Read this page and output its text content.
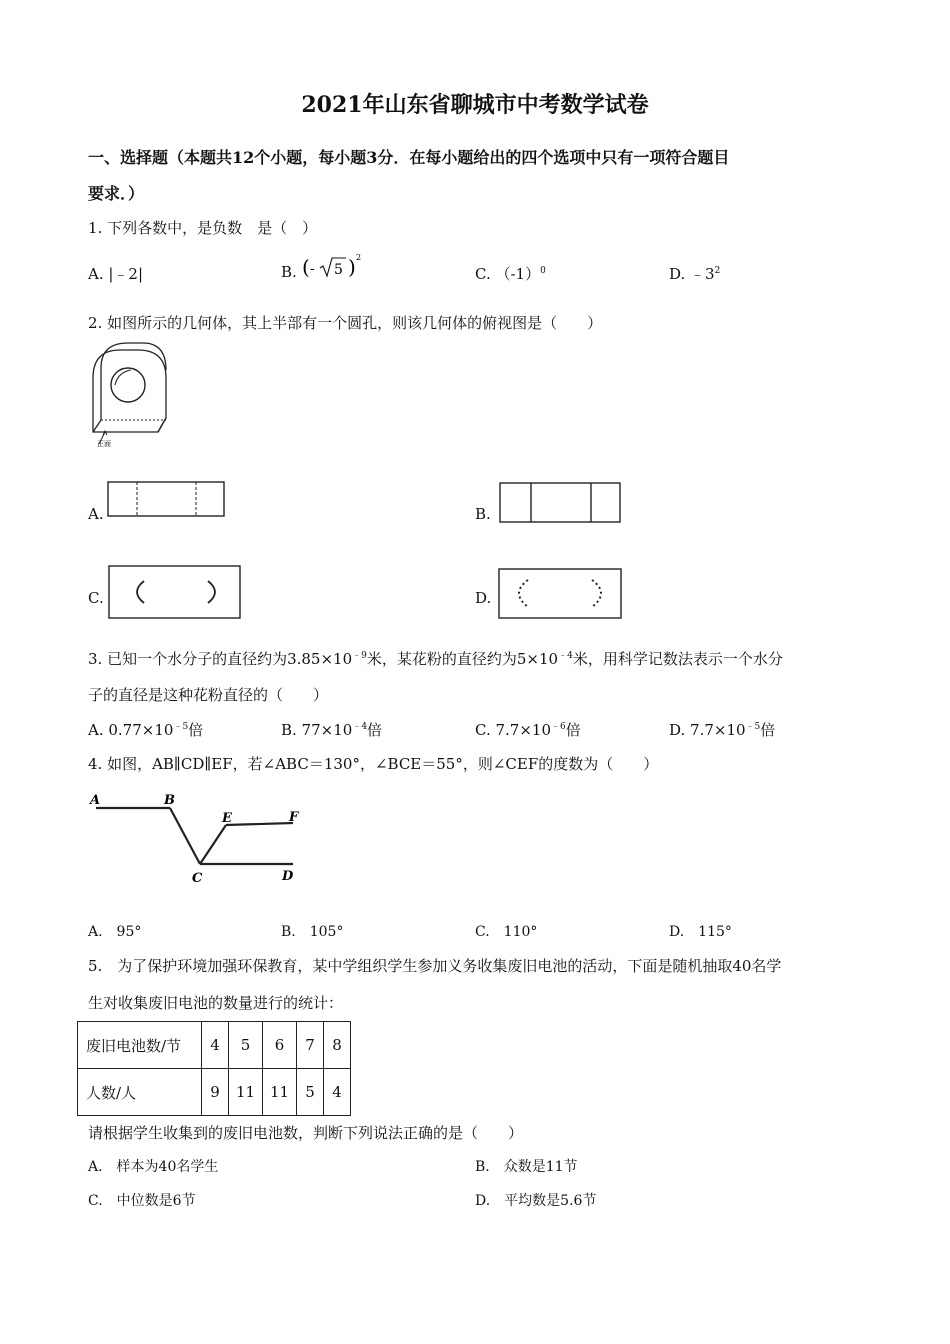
2021年山东省聊城市中考数学试卷
一、选择题（本题共12个小题，每小题3分．在每小题给出的四个选项中只有一项符合题目
要求．）
1. 下列各数中，是负数　是（　）
A. |﹣2|	B. ( - 5 ) 2
C. $(-1)^0$	D. $﹣3^2$
2. 如图所示的几何体，其上半部有一个圆孔，则该几何体的俯视图是（　　）
正面
A.	B.
C.	D.
3. 已知一个水分子的直径约为$3.85\times 10^{﹣9}$米，某花粉的直径约为$5\times 10^{﹣4}$米，用科学记数法表示一个水分
子的直径是这种花粉直径的（　　）
A. $0.77\times 10^{﹣5}$倍	B. $77\times 10^{﹣4}$倍	C. $7.7\times 10^{﹣6}$倍	D. $7.7\times 10^{﹣5}$倍
4. 如图，AB∥CD∥EF，若∠ABC＝130°，∠BCE＝55°，则∠CEF的度数为（　　）
A	B
C	D
E	F
A.　95°	B.　105°	C.　110°	D.　115°
5.　为了保护环境加强环保教育，某中学组织学生参加义务收集废旧电池的活动，下面是随机抽取40名学
生对收集废旧电池的数量进行的统计：
废旧电池数/节	4	5	6	7	8
人数/人	9	11	11	5	4
请根据学生收集到的废旧电池数，判断下列说法正确的是（　　）
A.　样本为40名学生	B.　众数是11节
C.　中位数是6节	D.　平均数是5.6节
